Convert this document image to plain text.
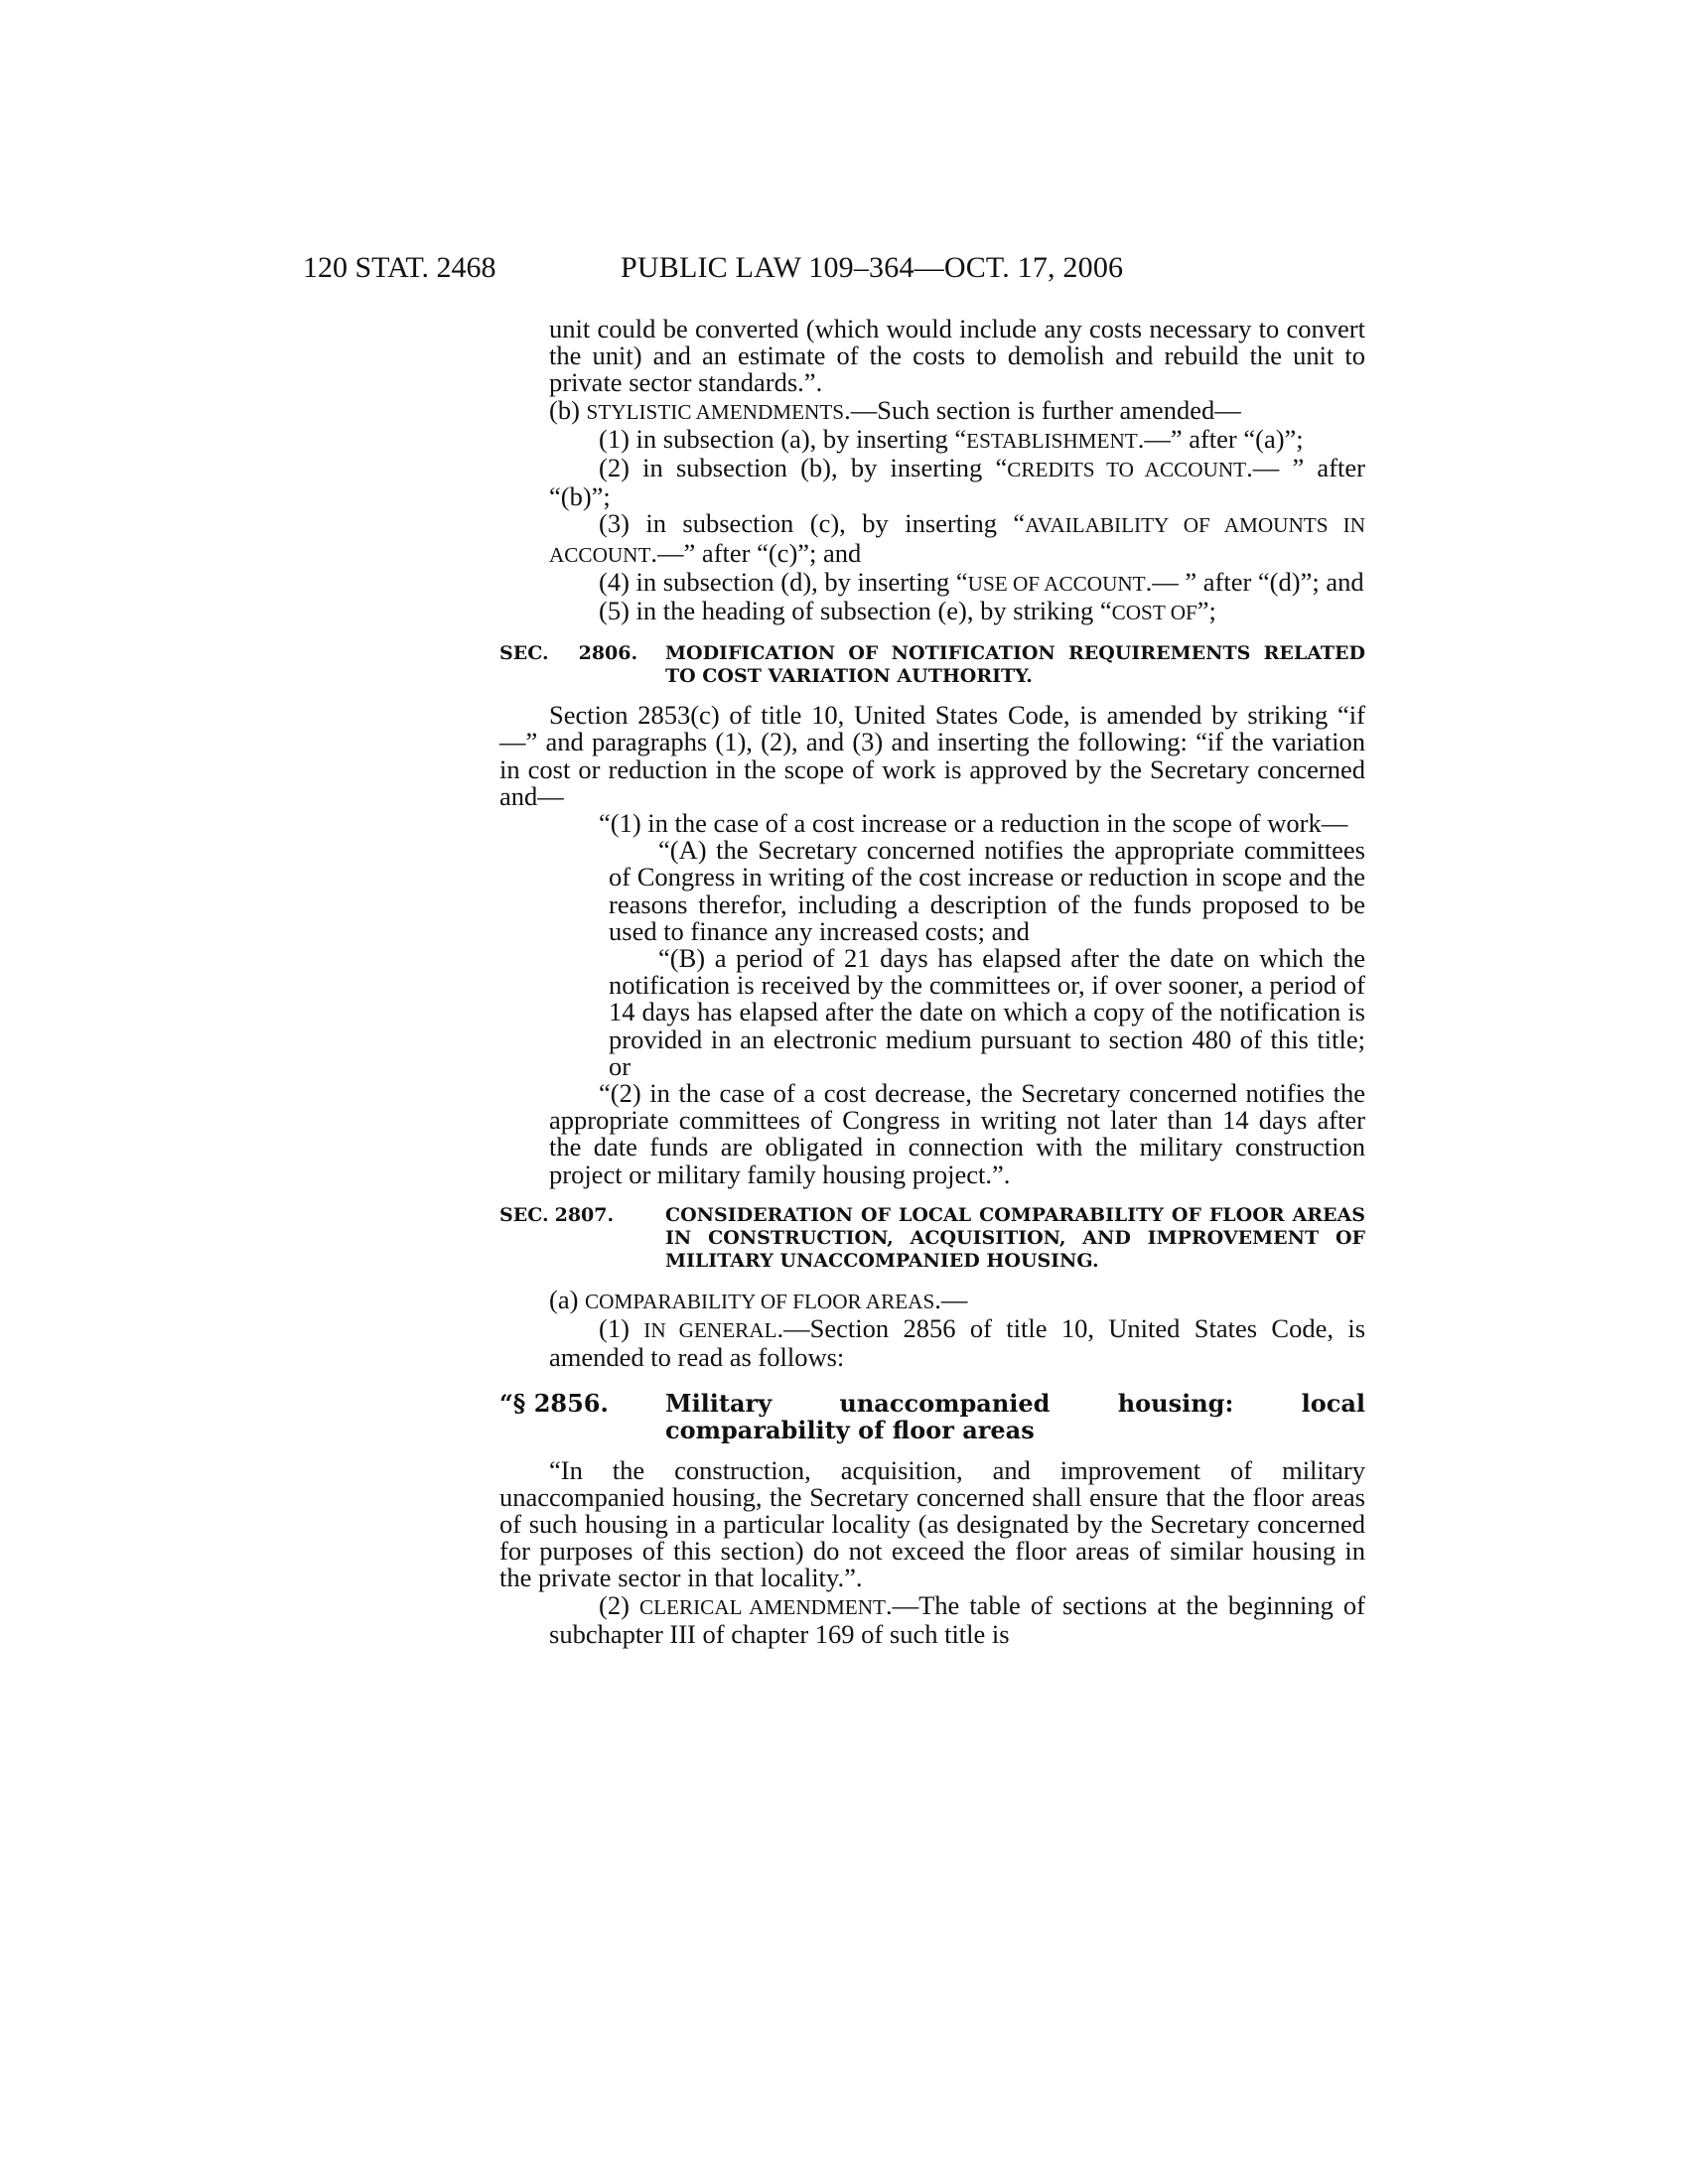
120 STAT. 2468	PUBLIC LAW 109–364—OCT. 17, 2006

unit could be converted (which would include any costs necessary to convert the unit) and an estimate of the costs to demolish and rebuild the unit to private sector standards.”.

(b) STYLISTIC AMENDMENTS.—Such section is further amended—

(1) in subsection (a), by inserting “ESTABLISHMENT.—” after “(a)”;

(2) in subsection (b), by inserting “CREDITS TO ACCOUNT.— ” after “(b)”;

(3) in subsection (c), by inserting “AVAILABILITY OF AMOUNTS IN ACCOUNT.—” after “(c)”; and

(4) in subsection (d), by inserting “USE OF ACCOUNT.— ” after “(d)”; and

(5) in the heading of subsection (e), by striking “COST OF”;

SEC. 2806. MODIFICATION OF NOTIFICATION REQUIREMENTS RELATED TO COST VARIATION AUTHORITY.

Section 2853(c) of title 10, United States Code, is amended by striking “if—” and paragraphs (1), (2), and (3) and inserting the following: “if the variation in cost or reduction in the scope of work is approved by the Secretary concerned and—

“(1) in the case of a cost increase or a reduction in the scope of work—

“(A) the Secretary concerned notifies the appropriate committees of Congress in writing of the cost increase or reduction in scope and the reasons therefor, including a description of the funds proposed to be used to finance any increased costs; and

“(B) a period of 21 days has elapsed after the date on which the notification is received by the committees or, if over sooner, a period of 14 days has elapsed after the date on which a copy of the notification is provided in an electronic medium pursuant to section 480 of this title; or

“(2) in the case of a cost decrease, the Secretary concerned notifies the appropriate committees of Congress in writing not later than 14 days after the date funds are obligated in connection with the military construction project or military family housing project.”.

SEC. 2807.	CONSIDERATION OF LOCAL COMPARABILITY OF FLOOR AREAS IN CONSTRUCTION, ACQUISITION, AND IMPROVEMENT OF MILITARY UNACCOMPANIED HOUSING.

(a) COMPARABILITY OF FLOOR AREAS.—

(1) IN GENERAL.—Section 2856 of title 10, United States Code, is amended to read as follows:

“§ 2856. Military unaccompanied housing: local comparability of floor areas

“In the construction, acquisition, and improvement of military unaccompanied housing, the Secretary concerned shall ensure that the floor areas of such housing in a particular locality (as designated by the Secretary concerned for purposes of this section) do not exceed the floor areas of similar housing in the private sector in that locality.”.

(2) CLERICAL AMENDMENT.—The table of sections at the beginning of subchapter III of chapter 169 of such title is
